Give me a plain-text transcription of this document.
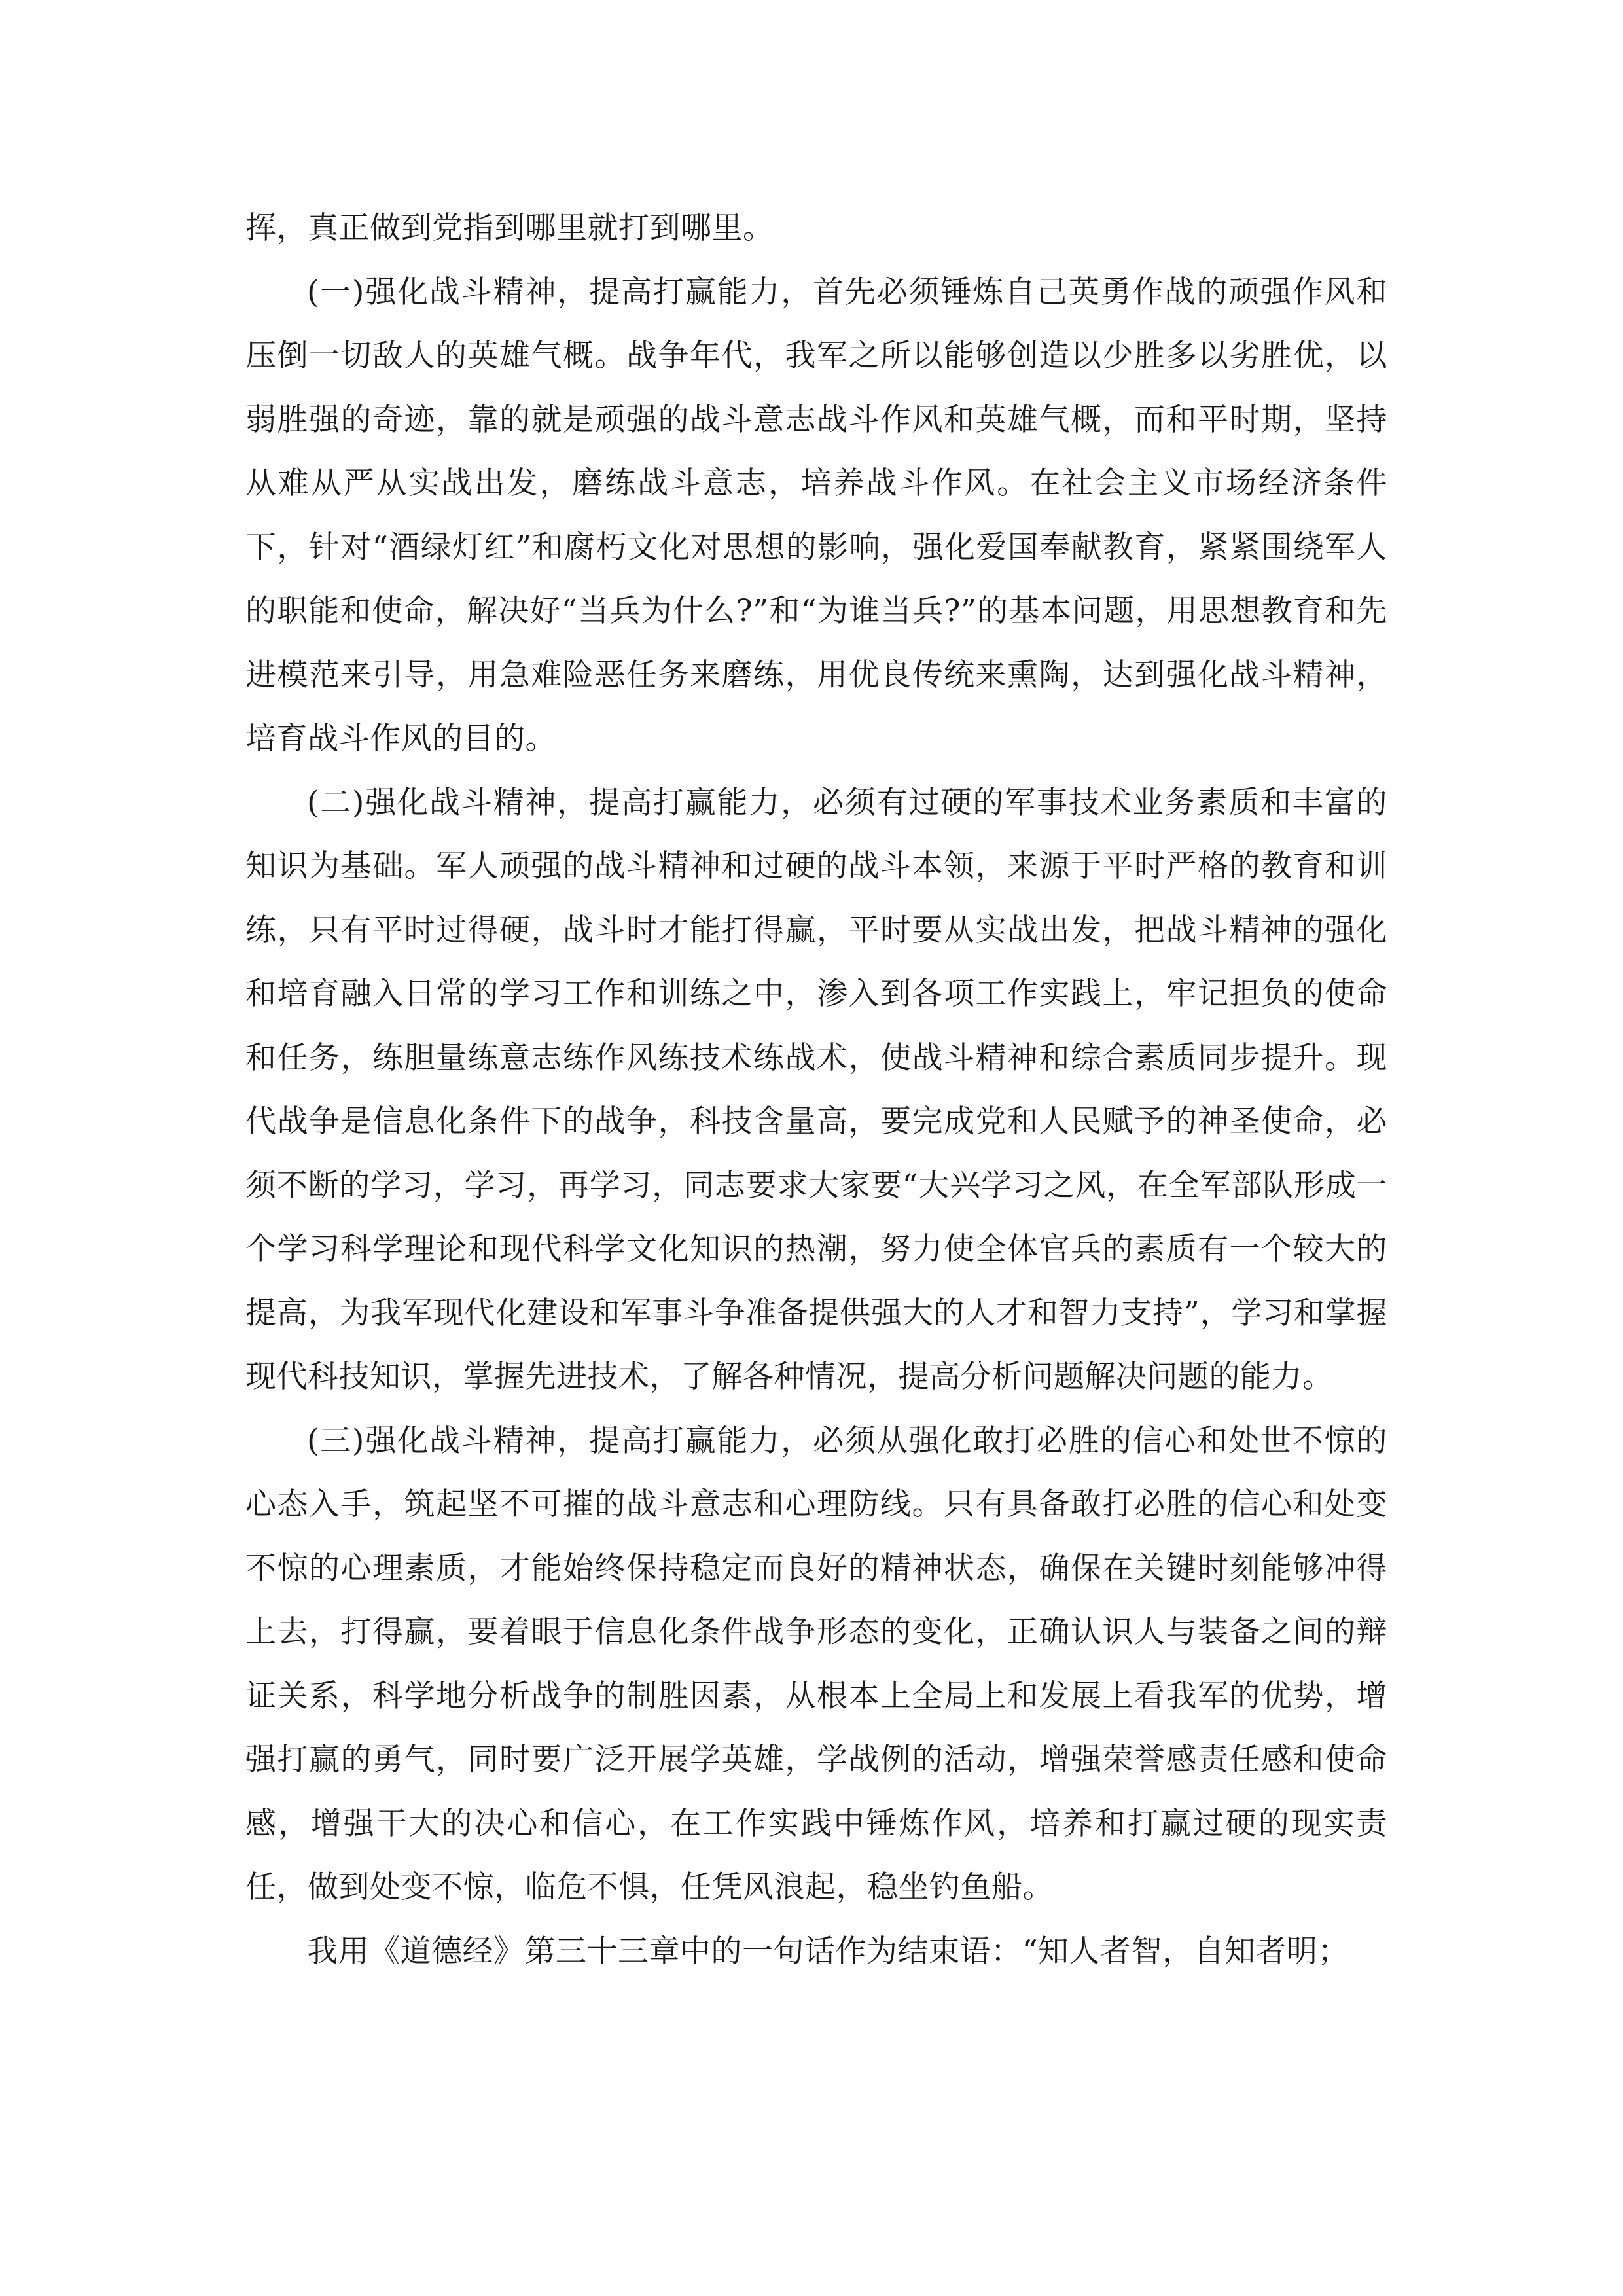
挥，真正做到党指到哪里就打到哪里。

(一)强化战斗精神，提高打赢能力，首先必须锤炼自己英勇作战的顽强作风和压倒一切敌人的英雄气概。战争年代，我军之所以能够创造以少胜多以劣胜优，以弱胜强的奇迹，靠的就是顽强的战斗意志战斗作风和英雄气概，而和平时期，坚持从难从严从实战出发，磨练战斗意志，培养战斗作风。在社会主义市场经济条件下，针对“酒绿灯红”和腐朽文化对思想的影响，强化爱国奉献教育，紧紧围绕军人的职能和使命，解决好“当兵为什么?”和“为谁当兵?”的基本问题，用思想教育和先进模范来引导，用急难险恶任务来磨练，用优良传统来熏陶，达到强化战斗精神，培育战斗作风的目的。

(二)强化战斗精神，提高打赢能力，必须有过硬的军事技术业务素质和丰富的知识为基础。军人顽强的战斗精神和过硬的战斗本领，来源于平时严格的教育和训练，只有平时过得硬，战斗时才能打得赢，平时要从实战出发，把战斗精神的强化和培育融入日常的学习工作和训练之中，渗入到各项工作实践上，牢记担负的使命和任务，练胆量练意志练作风练技术练战术，使战斗精神和综合素质同步提升。现代战争是信息化条件下的战争，科技含量高，要完成党和人民赋予的神圣使命，必须不断的学习，学习，再学习，同志要求大家要“大兴学习之风，在全军部队形成一个学习科学理论和现代科学文化知识的热潮，努力使全体官兵的素质有一个较大的提高，为我军现代化建设和军事斗争准备提供强大的人才和智力支持”，学习和掌握现代科技知识，掌握先进技术，了解各种情况，提高分析问题解决问题的能力。

(三)强化战斗精神，提高打赢能力，必须从强化敢打必胜的信心和处世不惊的心态入手，筑起坚不可摧的战斗意志和心理防线。只有具备敢打必胜的信心和处变不惊的心理素质，才能始终保持稳定而良好的精神状态，确保在关键时刻能够冲得上去，打得赢，要着眼于信息化条件战争形态的变化，正确认识人与装备之间的辩证关系，科学地分析战争的制胜因素，从根本上全局上和发展上看我军的优势，增强打赢的勇气，同时要广泛开展学英雄，学战例的活动，增强荣誉感责任感和使命感，增强干大的决心和信心，在工作实践中锤炼作风，培养和打赢过硬的现实责任，做到处变不惊，临危不惧，任凭风浪起，稳坐钓鱼船。

我用《道德经》第三十三章中的一句话作为结束语：“知人者智，自知者明；
